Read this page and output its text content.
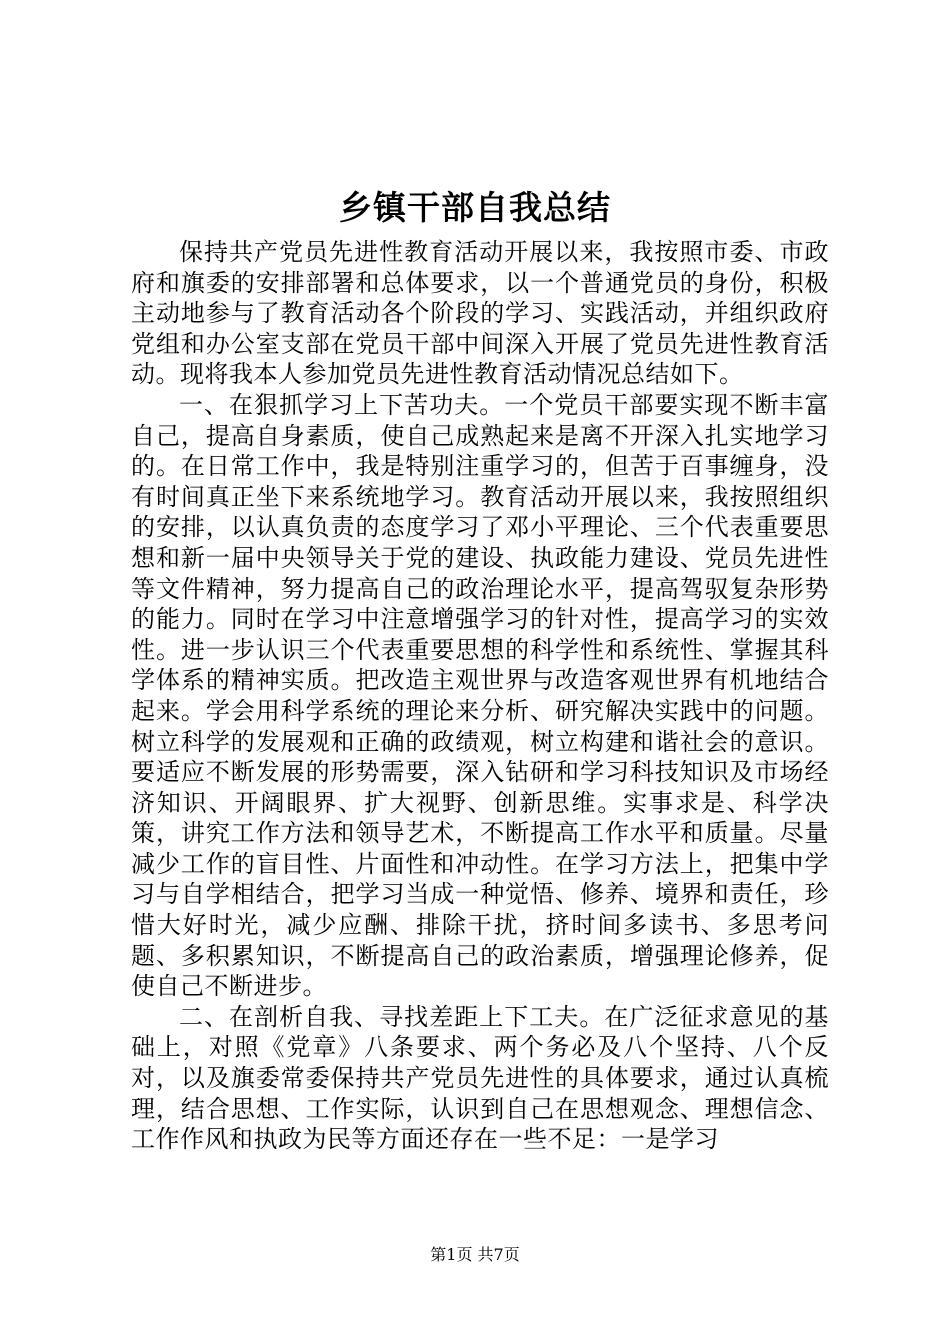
乡镇干部自我总结

保持共产党员先进性教育活动开展以来，我按照市委、市政府和旗委的安排部署和总体要求，以一个普通党员的身份，积极主动地参与了教育活动各个阶段的学习、实践活动，并组织政府党组和办公室支部在党员干部中间深入开展了党员先进性教育活动。现将我本人参加党员先进性教育活动情况总结如下。

一、在狠抓学习上下苦功夫。一个党员干部要实现不断丰富自己，提高自身素质，使自己成熟起来是离不开深入扎实地学习的。在日常工作中，我是特别注重学习的，但苦于百事缠身，没有时间真正坐下来系统地学习。教育活动开展以来，我按照组织的安排，以认真负责的态度学习了邓小平理论、三个代表重要思想和新一届中央领导关于党的建设、执政能力建设、党员先进性等文件精神，努力提高自己的政治理论水平，提高驾驭复杂形势的能力。同时在学习中注意增强学习的针对性，提高学习的实效性。进一步认识三个代表重要思想的科学性和系统性、掌握其科学体系的精神实质。把改造主观世界与改造客观世界有机地结合起来。学会用科学系统的理论来分析、研究解决实践中的问题。树立科学的发展观和正确的政绩观，树立构建和谐社会的意识。要适应不断发展的形势需要，深入钻研和学习科技知识及市场经济知识、开阔眼界、扩大视野、创新思维。实事求是、科学决策，讲究工作方法和领导艺术，不断提高工作水平和质量。尽量减少工作的盲目性、片面性和冲动性。在学习方法上，把集中学习与自学相结合，把学习当成一种觉悟、修养、境界和责任，珍惜大好时光，减少应酬、排除干扰，挤时间多读书、多思考问题、多积累知识，不断提高自己的政治素质，增强理论修养，促使自己不断进步。

二、在剖析自我、寻找差距上下工夫。在广泛征求意见的基础上，对照《党章》八条要求、两个务必及八个坚持、八个反对，以及旗委常委保持共产党员先进性的具体要求，通过认真梳理，结合思想、工作实际，认识到自己在思想观念、理想信念、工作作风和执政为民等方面还存在一些不足：一是学习

第1页 共7页
